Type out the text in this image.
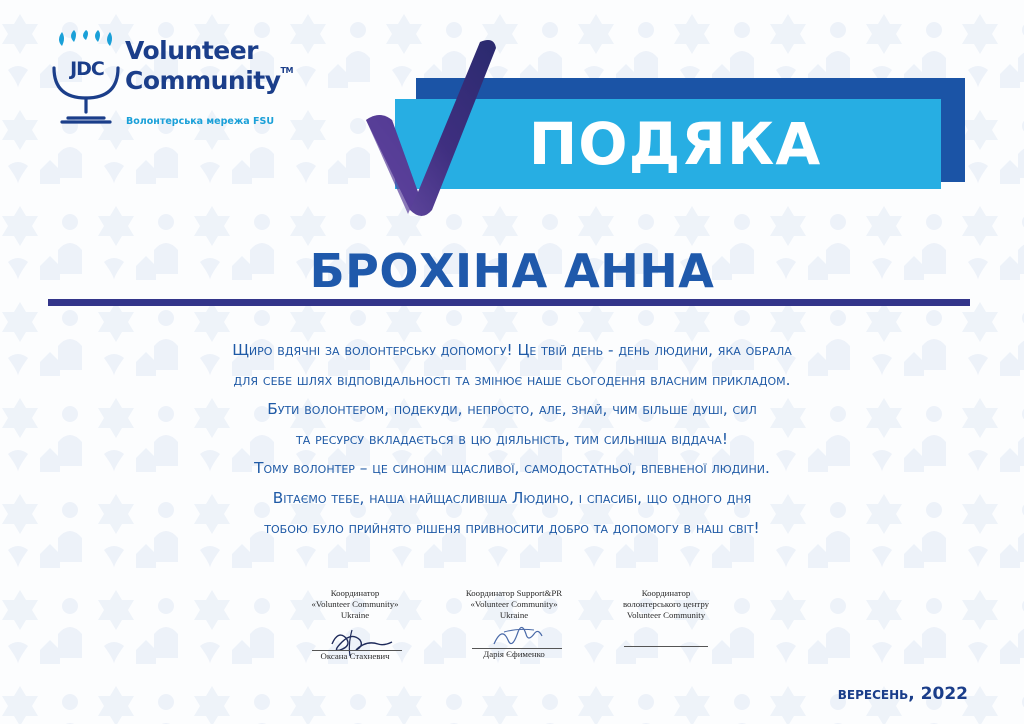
JDC
Volunteer
Community™
Волонтерська мережа FSU	ПОДЯКА
БРОХІНА АННА

Щиро вдячні за волонтерську допомогу! Це твій день - день людини, яка обрала

для себе шлях відповідальності та змінює наше сьогодення власним прикладом.

Бути волонтером, подекуди, непросто, але, знай, чим більше душі, сил

та ресурсу вкладається в цю діяльність, тим сильніша віддача!

Тому волонтер – це синонім щасливої, самодостатньої, впевненої людини.

Вітаємо тебе, наша найщасливіша Людино, і спасибі, що одного дня

тобою було прийнято рішеня привносити добро та допомогу в наш світ!

Координатор
«Volunteer Community»
Ukraine
Оксана Стахневич
Координатор Support&PR
«Volunteer Community»
Ukraine
Дарія Єфименко
Координатор
волонтерського центру
Volunteer Community
вересень, 2022
